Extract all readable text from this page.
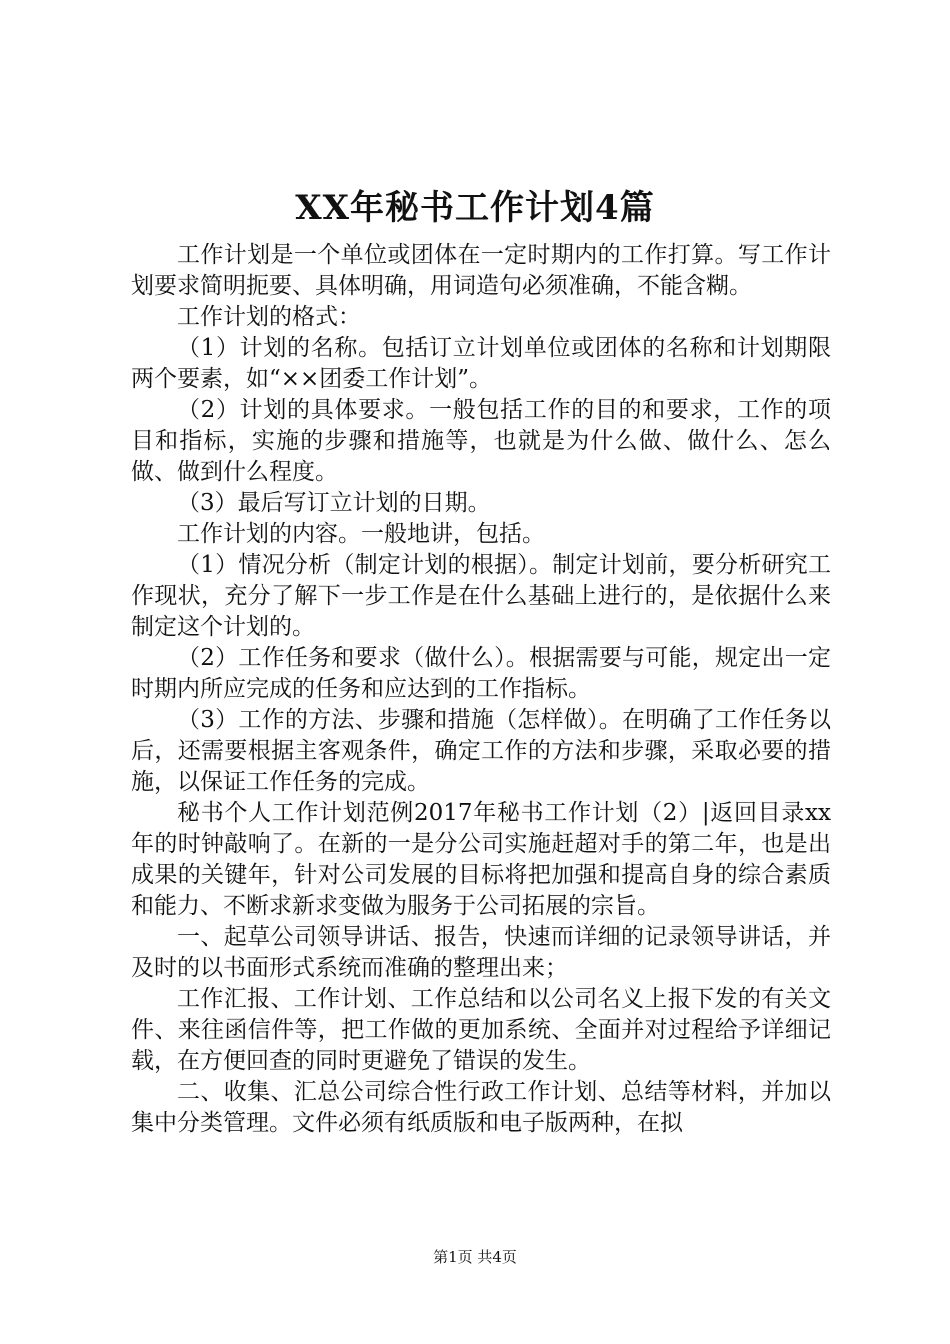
XX年秘书工作计划4篇

工作计划是一个单位或团体在一定时期内的工作打算。写工作计划要求简明扼要、具体明确，用词造句必须准确，不能含糊。

工作计划的格式：

（1）计划的名称。包括订立计划单位或团体的名称和计划期限两个要素，如“××团委工作计划”。

（2）计划的具体要求。一般包括工作的目的和要求，工作的项目和指标，实施的步骤和措施等，也就是为什么做、做什么、怎么做、做到什么程度。

（3）最后写订立计划的日期。

工作计划的内容。一般地讲，包括。

（1）情况分析（制定计划的根据）。制定计划前，要分析研究工作现状，充分了解下一步工作是在什么基础上进行的，是依据什么来制定这个计划的。

（2）工作任务和要求（做什么）。根据需要与可能，规定出一定时期内所应完成的任务和应达到的工作指标。

（3）工作的方法、步骤和措施（怎样做）。在明确了工作任务以后，还需要根据主客观条件，确定工作的方法和步骤，采取必要的措施，以保证工作任务的完成。

秘书个人工作计划范例2017年秘书工作计划（2）|返回目录xx年的时钟敲响了。在新的一是分公司实施赶超对手的第二年，也是出成果的关键年，针对公司发展的目标将把加强和提高自身的综合素质和能力、不断求新求变做为服务于公司拓展的宗旨。

一、起草公司领导讲话、报告，快速而详细的记录领导讲话，并及时的以书面形式系统而准确的整理出来；

工作汇报、工作计划、工作总结和以公司名义上报下发的有关文件、来往函信件等，把工作做的更加系统、全面并对过程给予详细记载，在方便回查的同时更避免了错误的发生。

二、收集、汇总公司综合性行政工作计划、总结等材料，并加以集中分类管理。文件必须有纸质版和电子版两种，在拟

第1页 共4页
